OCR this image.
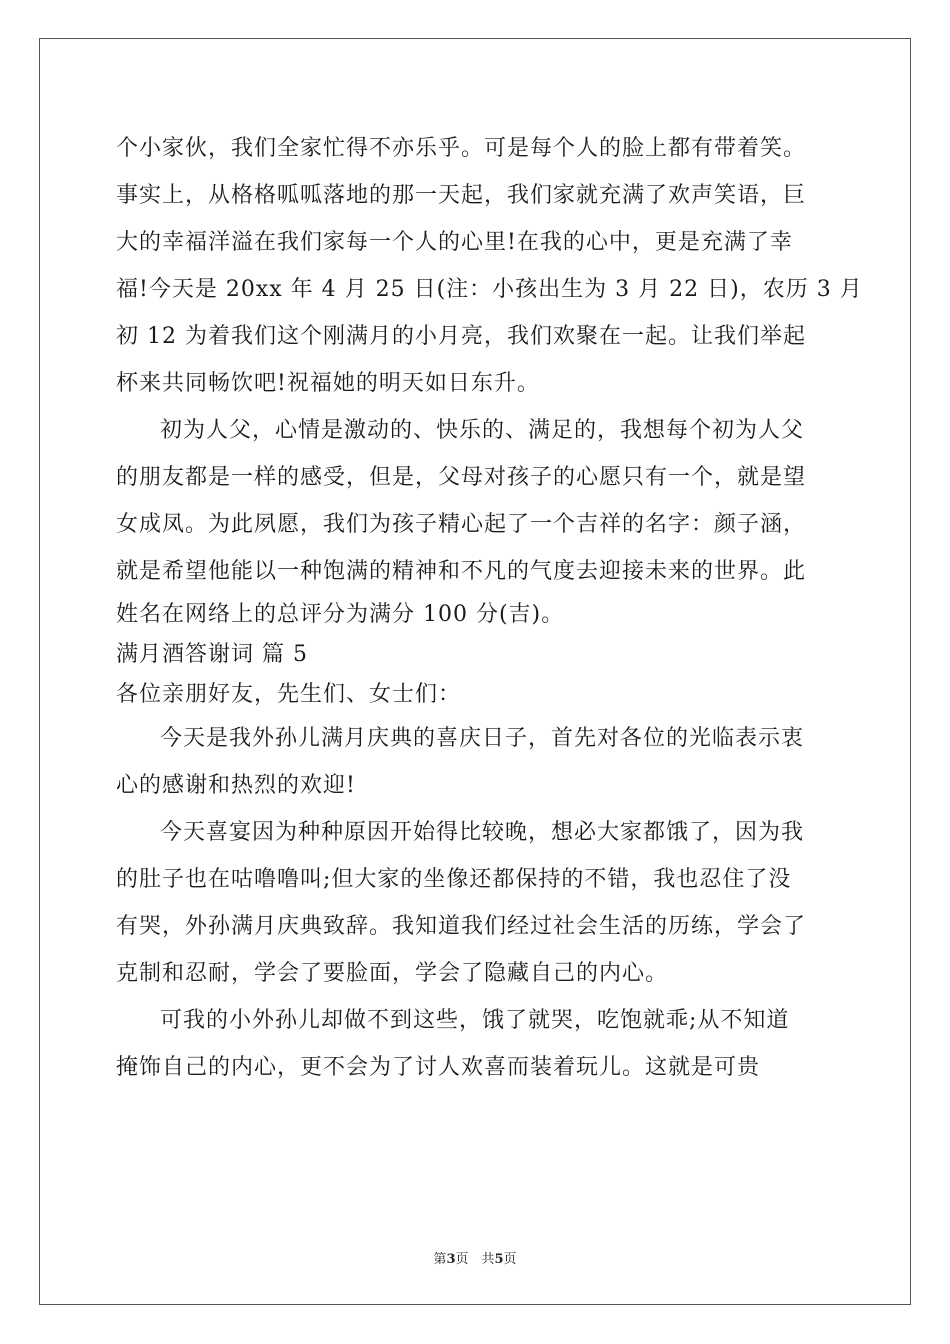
个小家伙，我们全家忙得不亦乐乎。可是每个人的脸上都有带着笑。
事实上，从格格呱呱落地的那一天起，我们家就充满了欢声笑语，巨
大的幸福洋溢在我们家每一个人的心里!在我的心中，更是充满了幸
福!今天是 20xx 年 4 月 25 日(注：小孩出生为 3 月 22 日)，农历 3 月
初 12 为着我们这个刚满月的小月亮，我们欢聚在一起。让我们举起
杯来共同畅饮吧!祝福她的明天如日东升。
初为人父，心情是激动的、快乐的、满足的，我想每个初为人父
的朋友都是一样的感受，但是，父母对孩子的心愿只有一个，就是望
女成凤。为此夙愿，我们为孩子精心起了一个吉祥的名字：颜子涵，
就是希望他能以一种饱满的精神和不凡的气度去迎接未来的世界。此
姓名在网络上的总评分为满分 100 分(吉)。
满月酒答谢词 篇 5
各位亲朋好友，先生们、女士们：
今天是我外孙儿满月庆典的喜庆日子，首先对各位的光临表示衷
心的感谢和热烈的欢迎!
今天喜宴因为种种原因开始得比较晚，想必大家都饿了，因为我
的肚子也在咕噜噜叫;但大家的坐像还都保持的不错，我也忍住了没
有哭，外孙满月庆典致辞。我知道我们经过社会生活的历练，学会了
克制和忍耐，学会了要脸面，学会了隐藏自己的内心。
可我的小外孙儿却做不到这些，饿了就哭，吃饱就乖;从不知道
掩饰自己的内心，更不会为了讨人欢喜而装着玩儿。这就是可贵
第3页　共5页
